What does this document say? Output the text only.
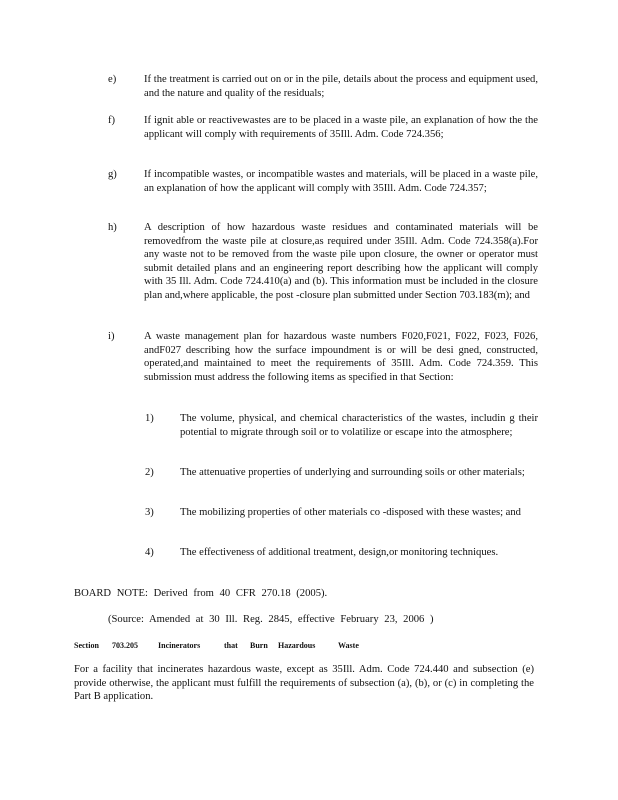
e)	If the treatment is carried out on or in the pile, details about the process and equipment used, and the nature and quality of the residuals;
f)	If ignit able or reactivewastes are to be placed in a waste pile, an explanation of how the the applicant will comply with requirements of 35Ill. Adm. Code 724.356;
g)	If incompatible wastes, or incompatible wastes and materials, will be placed in a waste pile, an explanation of how the applicant will comply with 35Ill. Adm. Code 724.357;
h)	A description of how hazardous waste residues and contaminated materials will be removedfrom the waste pile at closure,as required under 35Ill. Adm. Code 724.358(a).For any waste not to be removed from the waste pile upon closure, the owner or operator must submit detailed plans and an engineering report describing how the applicant will comply with 35 Ill. Adm. Code 724.410(a) and (b). This information must be included in the closure plan and,where applicable, the post -closure plan submitted under Section 703.183(m); and
i)	A waste management plan for hazardous waste numbers F020,F021, F022, F023, F026, andF027 describing how the surface impoundment is or will be desi gned, constructed, operated,and maintained to meet the requirements of 35Ill. Adm. Code 724.359. This submission must address the following items as specified in that Section:
1) The volume, physical, and chemical characteristics of the wastes, includin g their potential to migrate through soil or to volatilize or escape into the atmosphere;
2) The attenuative properties of underlying and surrounding soils or other materials;
3) The mobilizing properties of other materials co -disposed with these wastes; and
4) The effectiveness of additional treatment, design,or monitoring techniques.
BOARD NOTE: Derived from 40 CFR 270.18 (2005).
(Source: Amended at 30 Ill. Reg. 2845, effective February 23, 2006 )
Section 703.205	Incinerators	that Burn Hazardous	Waste
For a facility that incinerates hazardous waste, except as 35Ill. Adm. Code 724.440 and subsection (e) provide otherwise, the applicant must fulfill the requirements of subsection (a), (b), or (c) in completing the Part B application.
